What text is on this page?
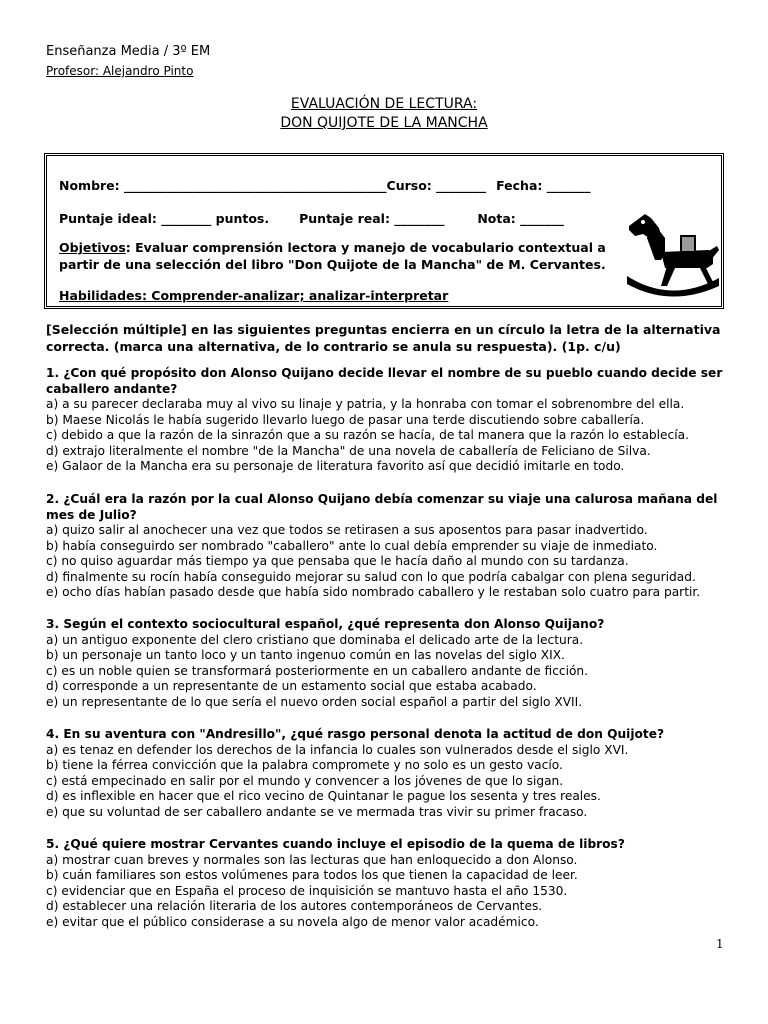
Enseñanza Media / 3º EM
Profesor: Alejandro Pinto
EVALUACIÓN DE LECTURA:
DON QUIJOTE DE LA MANCHA
Nombre: __________________________________________Curso: ________ Fecha: _______
Puntaje ideal: ________ puntos. Puntaje real: ________	Nota: _______
Objetivos: Evaluar comprensión lectora y manejo de vocabulario contextual a
partir de una selección del libro "Don Quijote de la Mancha" de M. Cervantes.
Habilidades: Comprender-analizar; analizar-interpretar
[Selección múltiple] en las siguientes preguntas encierra en un círculo la letra de la alternativa correcta. (marca una alternativa, de lo contrario se anula su respuesta). (1p. c/u)
1. ¿Con qué propósito don Alonso Quijano decide llevar el nombre de su pueblo cuando decide ser caballero andante?
a) a su parecer declaraba muy al vivo su linaje y patria, y la honraba con tomar el sobrenombre del ella.
b) Maese Nicolás le había sugerido llevarlo luego de pasar una terde discutiendo sobre caballería.
c) debido a que la razón de la sinrazón que a su razón se hacía, de tal manera que la razón lo establecía.
d) extrajo literalmente el nombre "de la Mancha" de una novela de caballería de Feliciano de Silva.
e) Galaor de la Mancha era su personaje de literatura favorito así que decidió imitarle en todo.
2. ¿Cuál era la razón por la cual Alonso Quijano debía comenzar su viaje una calurosa mañana del mes de Julio?
a) quizo salir al anochecer una vez que todos se retirasen a sus aposentos para pasar inadvertido.
b) había conseguirdo ser nombrado "caballero" ante lo cual debía emprender su viaje de inmediato.
c) no quiso aguardar más tiempo ya que pensaba que le hacía daño al mundo con su tardanza.
d) finalmente su rocín había conseguido mejorar su salud con lo que podría cabalgar con plena seguridad.
e) ocho días habían pasado desde que había sido nombrado caballero y le restaban solo cuatro para partir.
3. Según el contexto sociocultural español, ¿qué representa don Alonso Quijano?
a) un antiguo exponente del clero cristiano que dominaba el delicado arte de la lectura.
b) un personaje un tanto loco y un tanto ingenuo común en las novelas del siglo XIX.
c) es un noble quien se transformará posteriormente en un caballero andante de ficción.
d) corresponde a un representante de un estamento social que estaba acabado.
e) un representante de lo que sería el nuevo orden social español a partir del siglo XVII.
4. En su aventura con "Andresillo", ¿qué rasgo personal denota la actitud de don Quijote?
a) es tenaz en defender los derechos de la infancia lo cuales son vulnerados desde el siglo XVI.
b) tiene la férrea convicción que la palabra compromete y no solo es un gesto vacío.
c) está empecinado en salir por el mundo y convencer a los jóvenes de que lo sigan.
d) es inflexible en hacer que el rico vecino de Quintanar le pague los sesenta y tres reales.
e) que su voluntad de ser caballero andante se ve mermada tras vivir su primer fracaso.
5. ¿Qué quiere mostrar Cervantes cuando incluye el episodio de la quema de libros?
a) mostrar cuan breves y normales son las lecturas que han enloquecido a don Alonso.
b) cuán familiares son estos volúmenes para todos los que tienen la capacidad de leer.
c) evidenciar que en España el proceso de inquisición se mantuvo hasta el año 1530.
d) establecer una relación literaria de los autores contemporáneos de Cervantes.
e) evitar que el público considerase a su novela algo de menor valor académico.
1
